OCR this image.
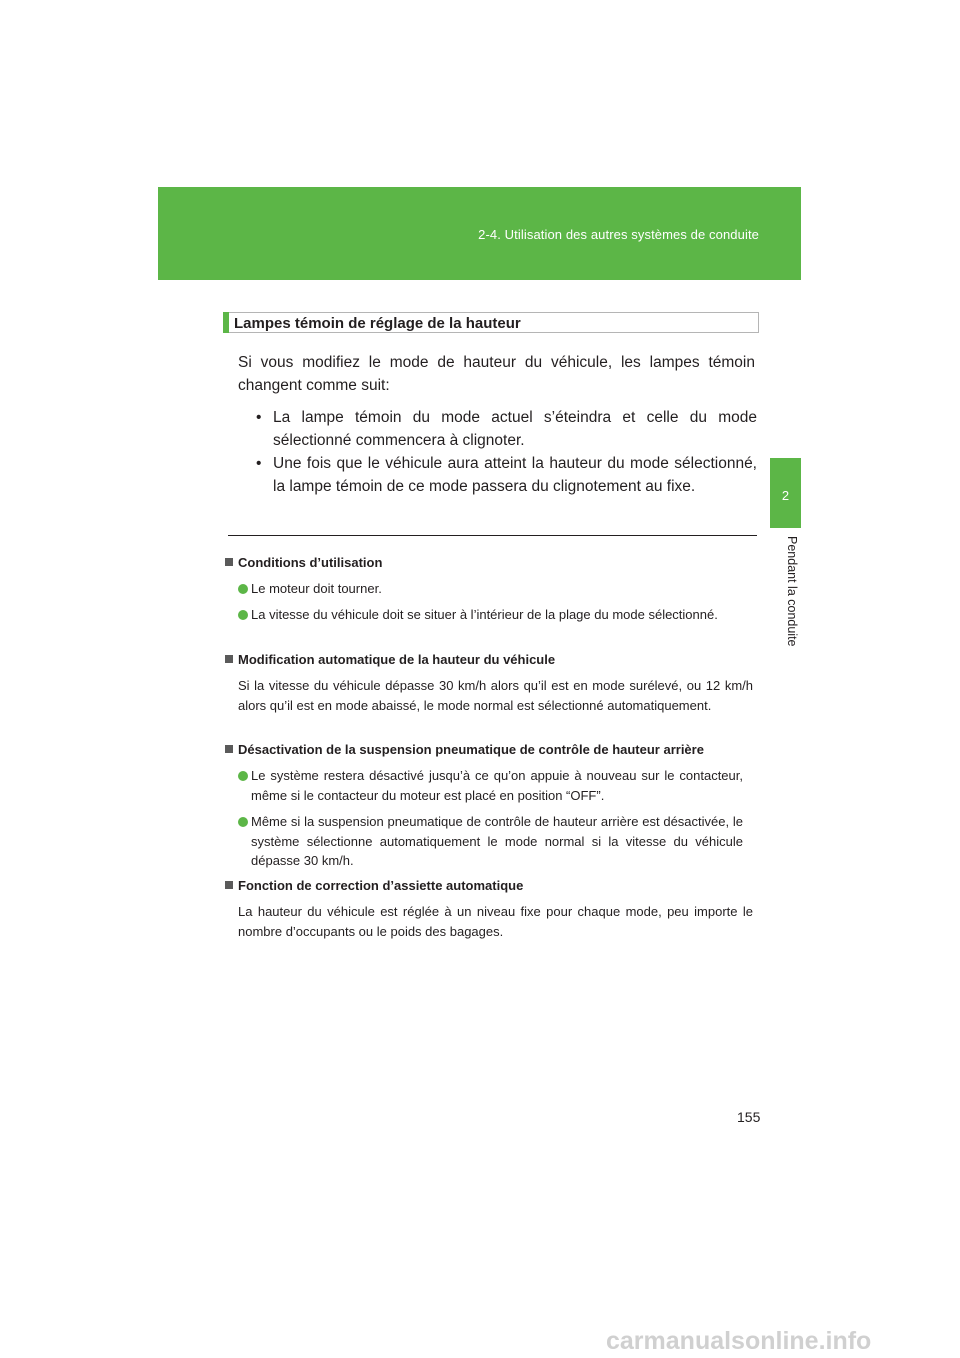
2-4. Utilisation des autres systèmes de conduite
2
Pendant la conduite
Lampes témoin de réglage de la hauteur
Si vous modifiez le mode de hauteur du véhicule, les lampes témoin changent comme suit:
• La lampe témoin du mode actuel s’éteindra et celle du mode sélectionné commencera à clignoter.
• Une fois que le véhicule aura atteint la hauteur du mode sélectionné, la lampe témoin de ce mode passera du clignotement au fixe.
Conditions d’utilisation
Le moteur doit tourner.
La vitesse du véhicule doit se situer à l’intérieur de la plage du mode sélectionné.
Modification automatique de la hauteur du véhicule
Si la vitesse du véhicule dépasse 30 km/h alors qu’il est en mode surélevé, ou 12 km/h alors qu’il est en mode abaissé, le mode normal est sélectionné automatiquement.
Désactivation de la suspension pneumatique de contrôle de hauteur arrière
Le système restera désactivé jusqu’à ce qu’on appuie à nouveau sur le contacteur, même si le contacteur du moteur est placé en position “OFF”.
Même si la suspension pneumatique de contrôle de hauteur arrière est désactivée, le système sélectionne automatiquement le mode normal si la vitesse du véhicule dépasse 30 km/h.
Fonction de correction d’assiette automatique
La hauteur du véhicule est réglée à un niveau fixe pour chaque mode, peu importe le nombre d’occupants ou le poids des bagages.
155
carmanualsonline.info
